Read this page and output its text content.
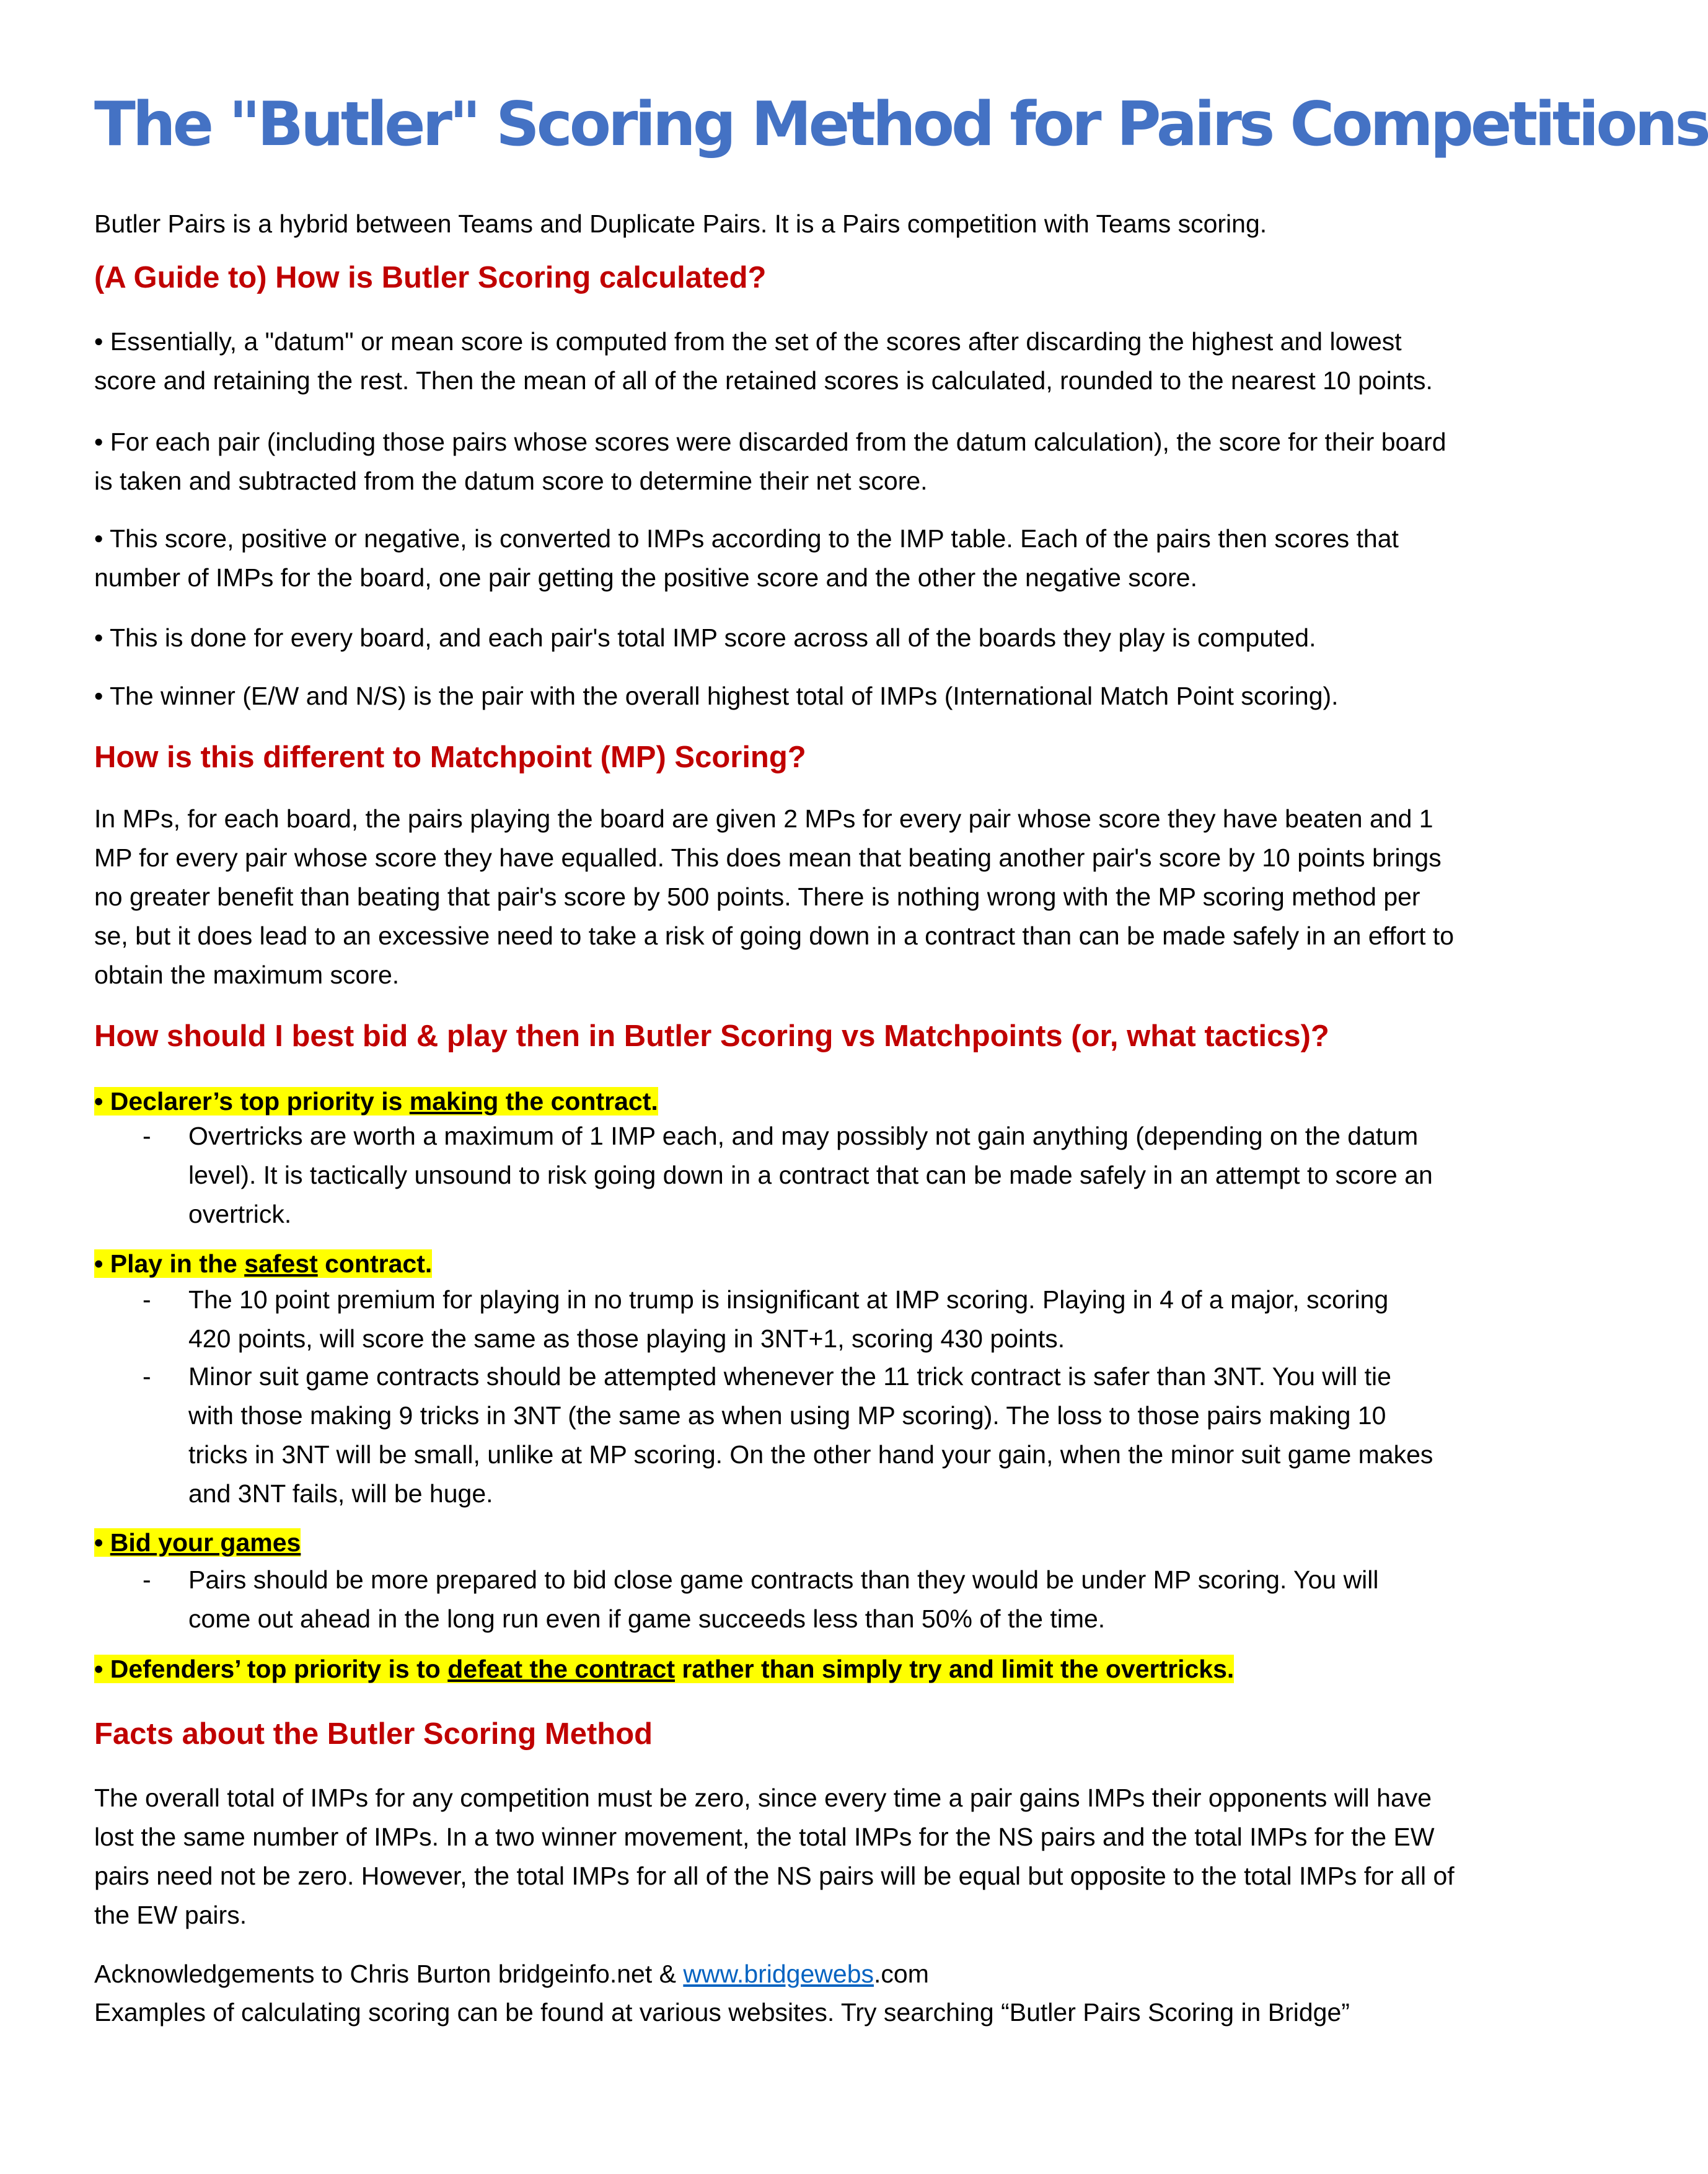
The "Butler" Scoring Method for Pairs Competitions

Butler Pairs is a hybrid between Teams and Duplicate Pairs. It is a Pairs competition with Teams scoring.

(A Guide to) How is Butler Scoring calculated?

• Essentially, a "datum" or mean score is computed from the set of the scores after discarding the highest and lowest score and retaining the rest. Then the mean of all of the retained scores is calculated, rounded to the nearest 10 points.

• For each pair (including those pairs whose scores were discarded from the datum calculation), the score for their board is taken and subtracted from the datum score to determine their net score.

• This score, positive or negative, is converted to IMPs according to the IMP table. Each of the pairs then scores that number of IMPs for the board, one pair getting the positive score and the other the negative score.

• This is done for every board, and each pair's total IMP score across all of the boards they play is computed.

• The winner (E/W and N/S) is the pair with the overall highest total of IMPs (International Match Point scoring).

How is this different to Matchpoint (MP) Scoring?

In MPs, for each board, the pairs playing the board are given 2 MPs for every pair whose score they have beaten and 1 MP for every pair whose score they have equalled. This does mean that beating another pair's score by 10 points brings no greater benefit than beating that pair's score by 500 points. There is nothing wrong with the MP scoring method per se, but it does lead to an excessive need to take a risk of going down in a contract than can be made safely in an effort to obtain the maximum score.

How should I best bid & play then in Butler Scoring vs Matchpoints (or, what tactics)?
• Declarer’s top priority is making the contract.
- Overtricks are worth a maximum of 1 IMP each, and may possibly not gain anything (depending on the datum level). It is tactically unsound to risk going down in a contract that can be made safely in an attempt to score an overtrick.
• Play in the safest contract.
- The 10 point premium for playing in no trump is insignificant at IMP scoring. Playing in 4 of a major, scoring 420 points, will score the same as those playing in 3NT+1, scoring 430 points.
- Minor suit game contracts should be attempted whenever the 11 trick contract is safer than 3NT. You will tie with those making 9 tricks in 3NT (the same as when using MP scoring). The loss to those pairs making 10 tricks in 3NT will be small, unlike at MP scoring. On the other hand your gain, when the minor suit game makes and 3NT fails, will be huge.
• Bid your games
- Pairs should be more prepared to bid close game contracts than they would be under MP scoring. You will come out ahead in the long run even if game succeeds less than 50% of the time.
• Defenders’ top priority is to defeat the contract rather than simply try and limit the overtricks.
Facts about the Butler Scoring Method

The overall total of IMPs for any competition must be zero, since every time a pair gains IMPs their opponents will have lost the same number of IMPs. In a two winner movement, the total IMPs for the NS pairs and the total IMPs for the EW pairs need not be zero. However, the total IMPs for all of the NS pairs will be equal but opposite to the total IMPs for all of the EW pairs.

Acknowledgements to Chris Burton bridgeinfo.net & www.bridgewebs.com

Examples of calculating scoring can be found at various websites. Try searching “Butler Pairs Scoring in Bridge”
